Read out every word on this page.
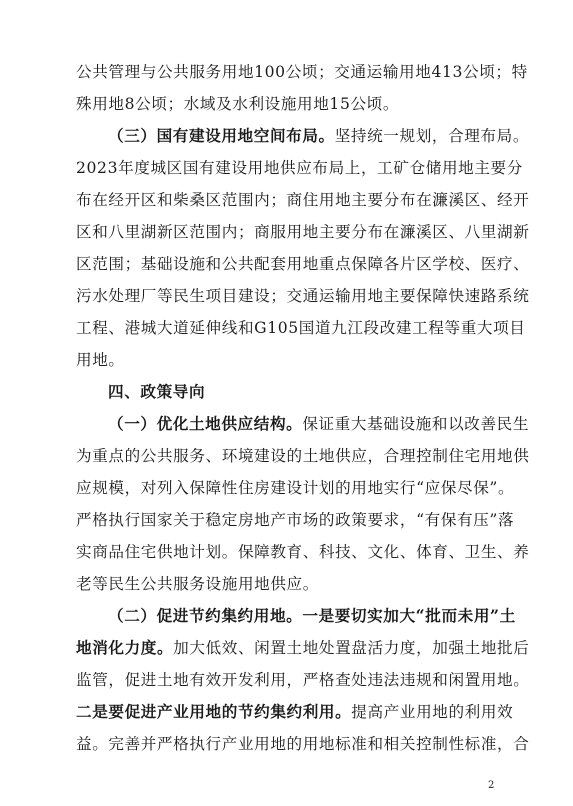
公共管理与公共服务用地100公顷；交通运输用地413公顷；特
殊用地8公顷；水域及水利设施用地15公顷。
（三）国有建设用地空间布局。坚持统一规划，合理布局。
2023年度城区国有建设用地供应布局上，工矿仓储用地主要分
布在经开区和柴桑区范围内；商住用地主要分布在濂溪区、经开
区和八里湖新区范围内；商服用地主要分布在濂溪区、八里湖新
区范围；基础设施和公共配套用地重点保障各片区学校、医疗、
污水处理厂等民生项目建设；交通运输用地主要保障快速路系统
工程、港城大道延伸线和G105国道九江段改建工程等重大项目
用地。
四、政策导向
（一）优化土地供应结构。保证重大基础设施和以改善民生
为重点的公共服务、环境建设的土地供应，合理控制住宅用地供
应规模，对列入保障性住房建设计划的用地实行“应保尽保”。
严格执行国家关于稳定房地产市场的政策要求，“有保有压”落
实商品住宅供地计划。保障教育、科技、文化、体育、卫生、养
老等民生公共服务设施用地供应。
（二）促进节约集约用地。一是要切实加大“批而未用”土
地消化力度。加大低效、闲置土地处置盘活力度，加强土地批后
监管，促进土地有效开发利用，严格查处违法违规和闲置用地。
二是要促进产业用地的节约集约利用。提高产业用地的利用效
益。完善并严格执行产业用地的用地标准和相关控制性标准，合
2
